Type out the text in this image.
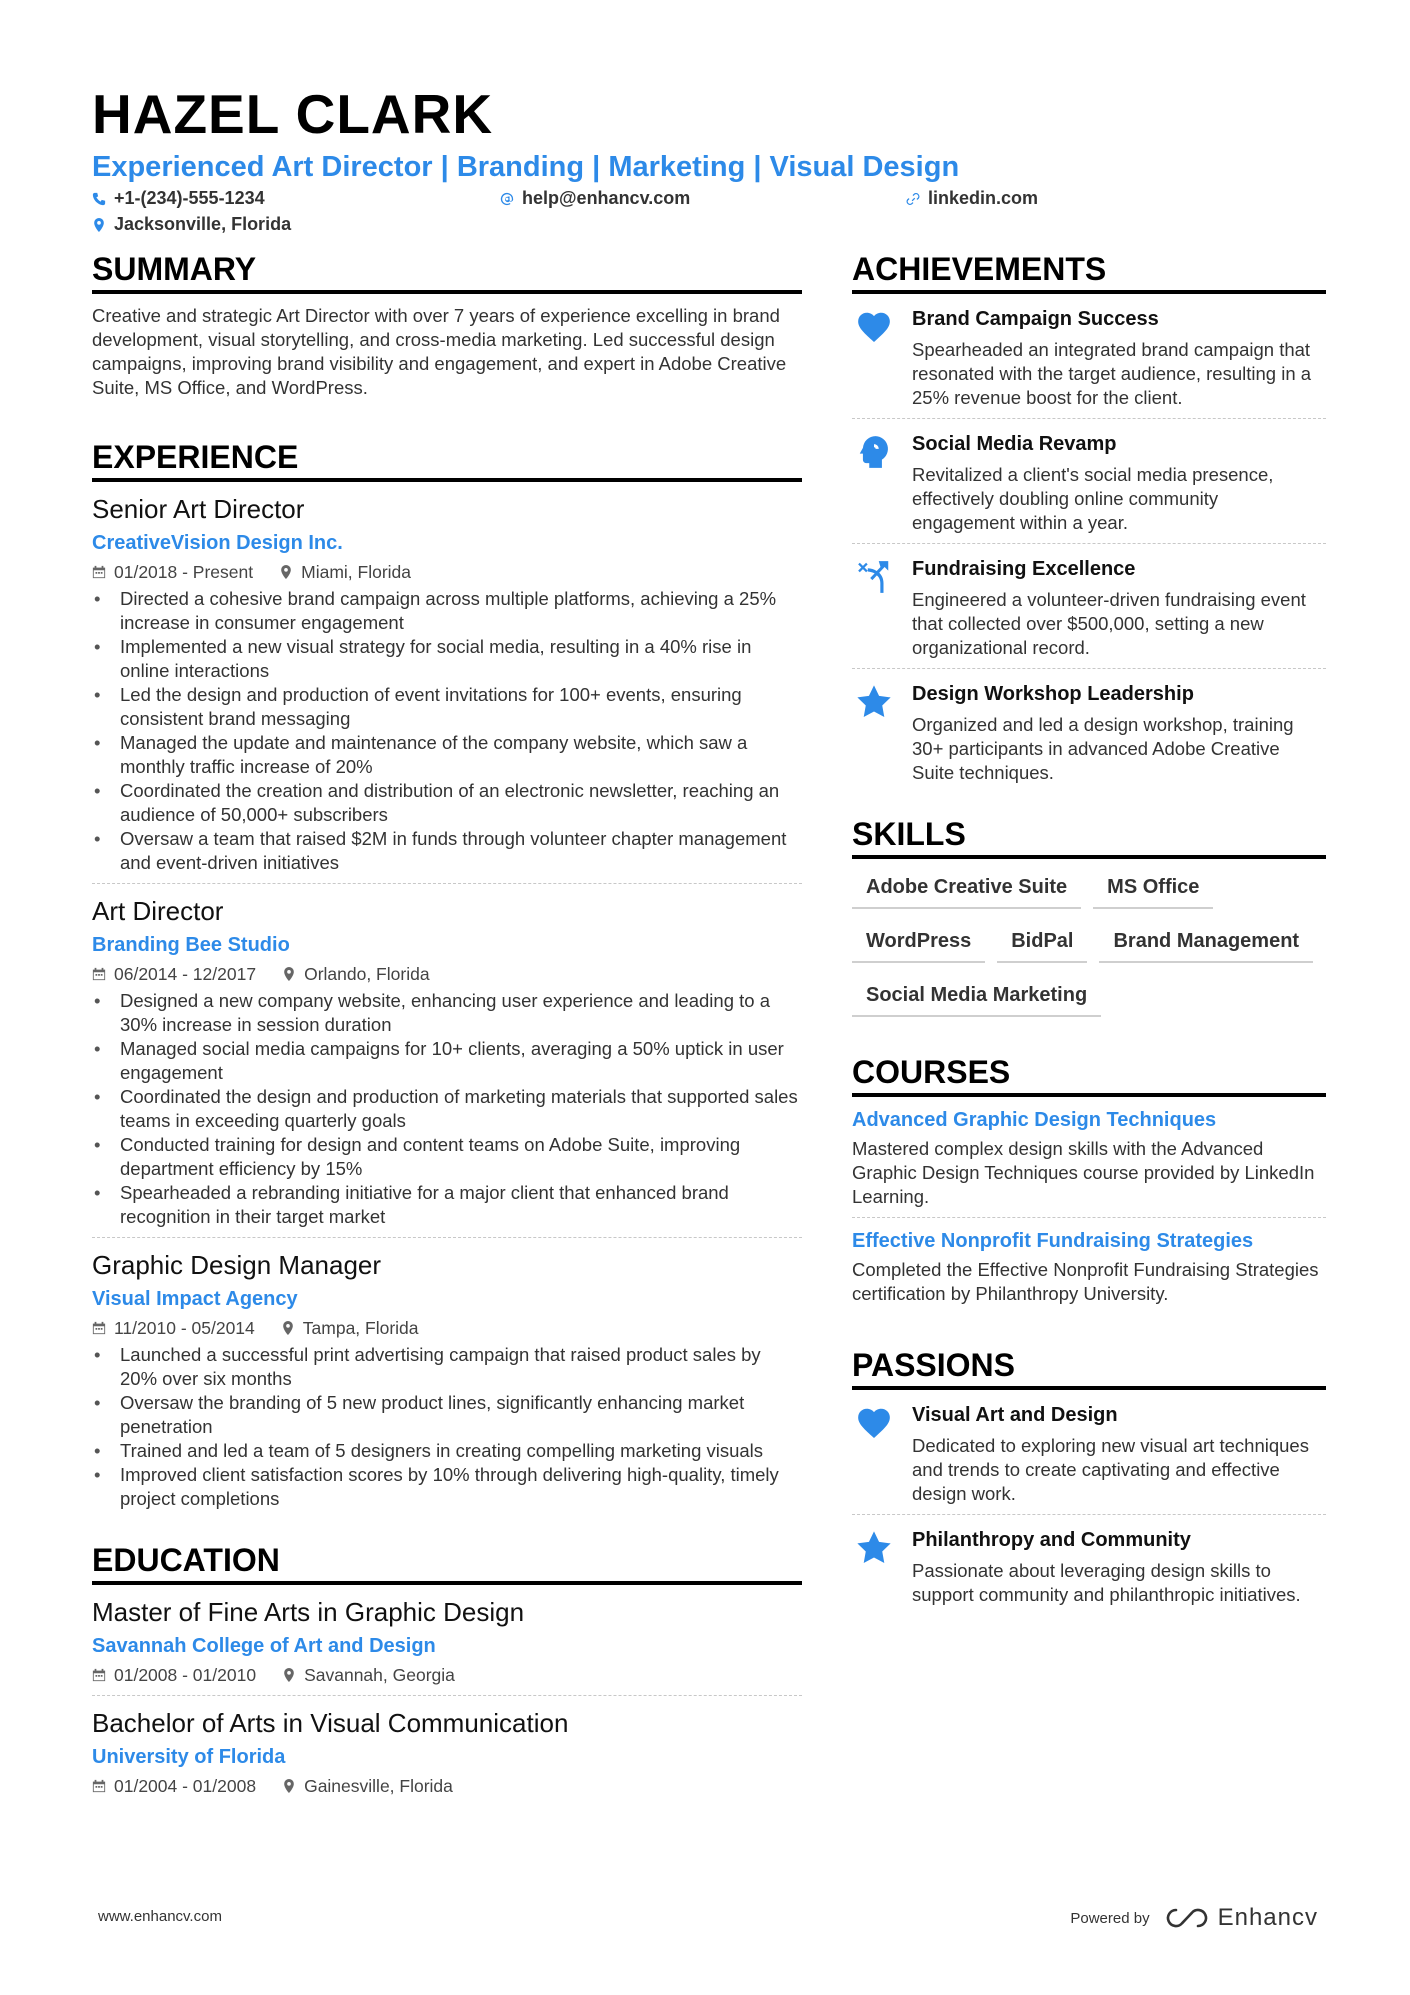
HAZEL CLARK
Experienced Art Director | Branding | Marketing | Visual Design
+1-(234)-555-1234	help@enhancv.com	linkedin.com
Jacksonville, Florida
SUMMARY
Creative and strategic Art Director with over 7 years of experience excelling in brand development, visual storytelling, and cross-media marketing. Led successful design campaigns, improving brand visibility and engagement, and expert in Adobe Creative Suite, MS Office, and WordPress.
EXPERIENCE
Senior Art Director
CreativeVision Design Inc.
01/2018 - Present	Miami, Florida
• Directed a cohesive brand campaign across multiple platforms, achieving a 25% increase in consumer engagement
• Implemented a new visual strategy for social media, resulting in a 40% rise in online interactions
• Led the design and production of event invitations for 100+ events, ensuring consistent brand messaging
• Managed the update and maintenance of the company website, which saw a monthly traffic increase of 20%
• Coordinated the creation and distribution of an electronic newsletter, reaching an audience of 50,000+ subscribers
• Oversaw a team that raised $2M in funds through volunteer chapter management and event-driven initiatives
Art Director
Branding Bee Studio
06/2014 - 12/2017	Orlando, Florida
• Designed a new company website, enhancing user experience and leading to a 30% increase in session duration
• Managed social media campaigns for 10+ clients, averaging a 50% uptick in user engagement
• Coordinated the design and production of marketing materials that supported sales teams in exceeding quarterly goals
• Conducted training for design and content teams on Adobe Suite, improving department efficiency by 15%
• Spearheaded a rebranding initiative for a major client that enhanced brand recognition in their target market
Graphic Design Manager
Visual Impact Agency
11/2010 - 05/2014	Tampa, Florida
• Launched a successful print advertising campaign that raised product sales by 20% over six months
• Oversaw the branding of 5 new product lines, significantly enhancing market penetration
• Trained and led a team of 5 designers in creating compelling marketing visuals
• Improved client satisfaction scores by 10% through delivering high-quality, timely project completions
EDUCATION
Master of Fine Arts in Graphic Design
Savannah College of Art and Design
01/2008 - 01/2010	Savannah, Georgia
Bachelor of Arts in Visual Communication
University of Florida
01/2004 - 01/2008	Gainesville, Florida
ACHIEVEMENTS
Brand Campaign Success
Spearheaded an integrated brand campaign that resonated with the target audience, resulting in a 25% revenue boost for the client.
Social Media Revamp
Revitalized a client's social media presence, effectively doubling online community engagement within a year.
Fundraising Excellence
Engineered a volunteer-driven fundraising event that collected over $500,000, setting a new organizational record.
Design Workshop Leadership
Organized and led a design workshop, training 30+ participants in advanced Adobe Creative Suite techniques.
SKILLS
Adobe Creative Suite	MS Office
WordPress	BidPal	Brand Management
Social Media Marketing
COURSES
Advanced Graphic Design Techniques
Mastered complex design skills with the Advanced Graphic Design Techniques course provided by LinkedIn Learning.
Effective Nonprofit Fundraising Strategies
Completed the Effective Nonprofit Fundraising Strategies certification by Philanthropy University.
PASSIONS
Visual Art and Design
Dedicated to exploring new visual art techniques and trends to create captivating and effective design work.
Philanthropy and Community
Passionate about leveraging design skills to support community and philanthropic initiatives.
www.enhancv.com	Powered by	Enhancv
